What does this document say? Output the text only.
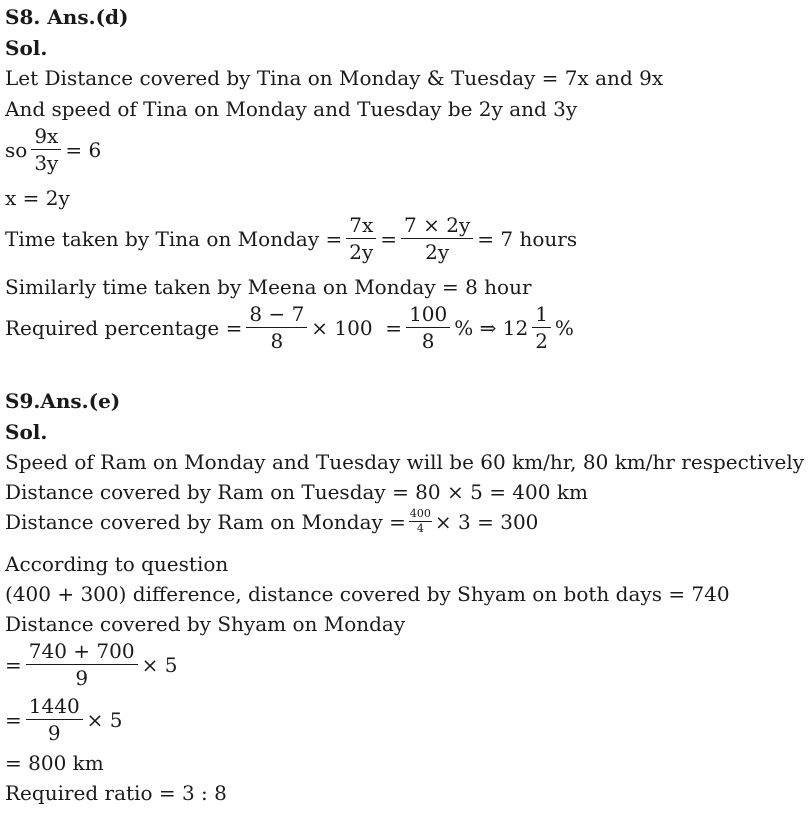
S8. Ans.(d)
Sol.
Let Distance covered by Tina on Monday & Tuesday = 7x and 9x
And speed of Tina on Monday and Tuesday be 2y and 3y
so $\frac{9x}{3y} = 6$
x = 2y
Time taken by Tina on Monday = $\frac{7x}{2y} = \frac{7 \times 2y}{2y} = 7$ hours
Similarly time taken by Meena on Monday = 8 hour
Required percentage = $\frac{8 - 7}{8} \times 100 = \frac{100}{8}$ % ⇒ $12 \frac{1}{2}$ %
S9.Ans.(e)
Sol.
Speed of Ram on Monday and Tuesday will be 60 km/hr, 80 km/hr respectively
Distance covered by Ram on Tuesday = 80 × 5 = 400 km
Distance covered by Ram on Monday = $\frac{400}{4} \times 3 = 300$
According to question
(400 + 300) difference, distance covered by Shyam on both days = 740
Distance covered by Shyam on Monday
= $\frac{740 + 700}{9} \times 5$
= $\frac{1440}{9} \times 5$
= 800 km
Required ratio = 3 : 8
